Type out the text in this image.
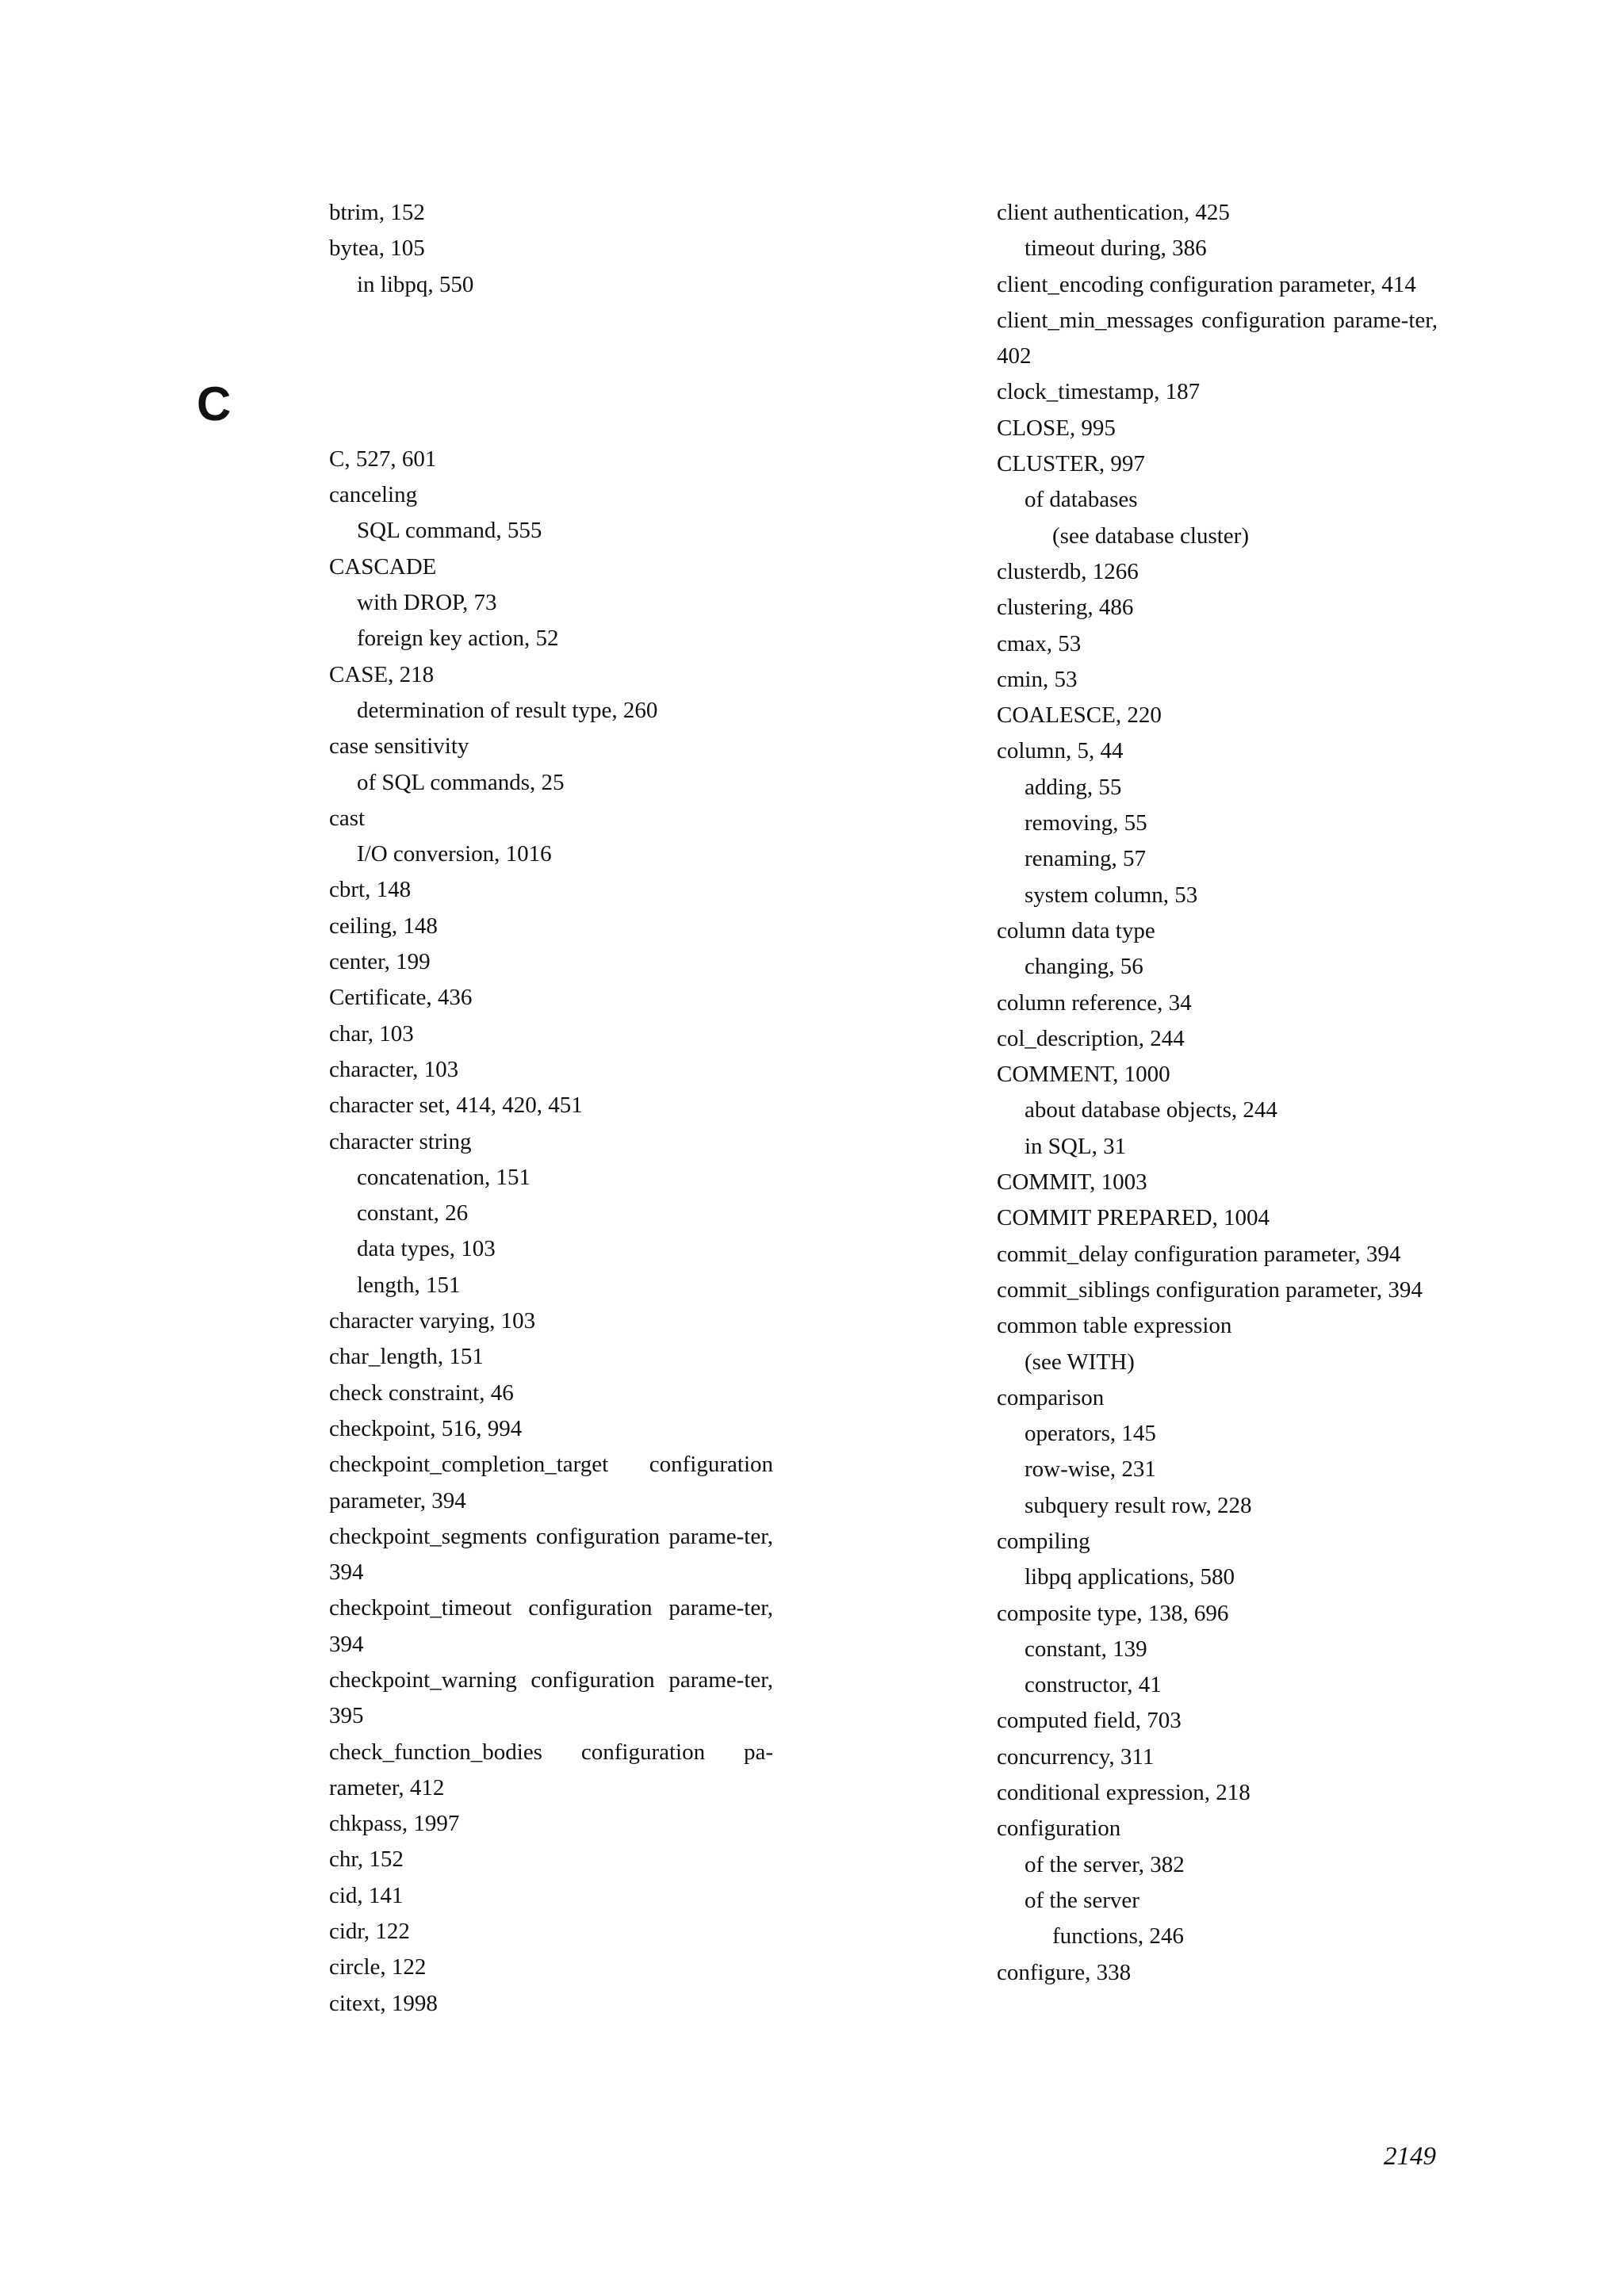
btrim, 152
bytea, 105
in libpq, 550
C, 527, 601
canceling
SQL command, 555
CASCADE
with DROP, 73
foreign key action, 52
CASE, 218
determination of result type, 260
case sensitivity
of SQL commands, 25
cast
I/O conversion, 1016
cbrt, 148
ceiling, 148
center, 199
Certificate, 436
char, 103
character, 103
character set, 414, 420, 451
character string
concatenation, 151
constant, 26
data types, 103
length, 151
character varying, 103
char_length, 151
check constraint, 46
checkpoint, 516, 994
checkpoint_completion_target configuration parameter, 394
checkpoint_segments configuration parame-ter, 394
checkpoint_timeout configuration parame-ter, 394
checkpoint_warning configuration parame-ter, 395
check_function_bodies configuration pa-rameter, 412
chkpass, 1997
chr, 152
cid, 141
cidr, 122
circle, 122
citext, 1998
C
client authentication, 425
timeout during, 386
client_encoding configuration parameter, 414
client_min_messages configuration parame-ter, 402
clock_timestamp, 187
CLOSE, 995
CLUSTER, 997
of databases
(see database cluster)
clusterdb, 1266
clustering, 486
cmax, 53
cmin, 53
COALESCE, 220
column, 5, 44
adding, 55
removing, 55
renaming, 57
system column, 53
column data type
changing, 56
column reference, 34
col_description, 244
COMMENT, 1000
about database objects, 244
in SQL, 31
COMMIT, 1003
COMMIT PREPARED, 1004
commit_delay configuration parameter, 394
commit_siblings configuration parameter, 394
common table expression
(see WITH)
comparison
operators, 145
row-wise, 231
subquery result row, 228
compiling
libpq applications, 580
composite type, 138, 696
constant, 139
constructor, 41
computed field, 703
concurrency, 311
conditional expression, 218
configuration
of the server, 382
of the server
functions, 246
configure, 338
2149
